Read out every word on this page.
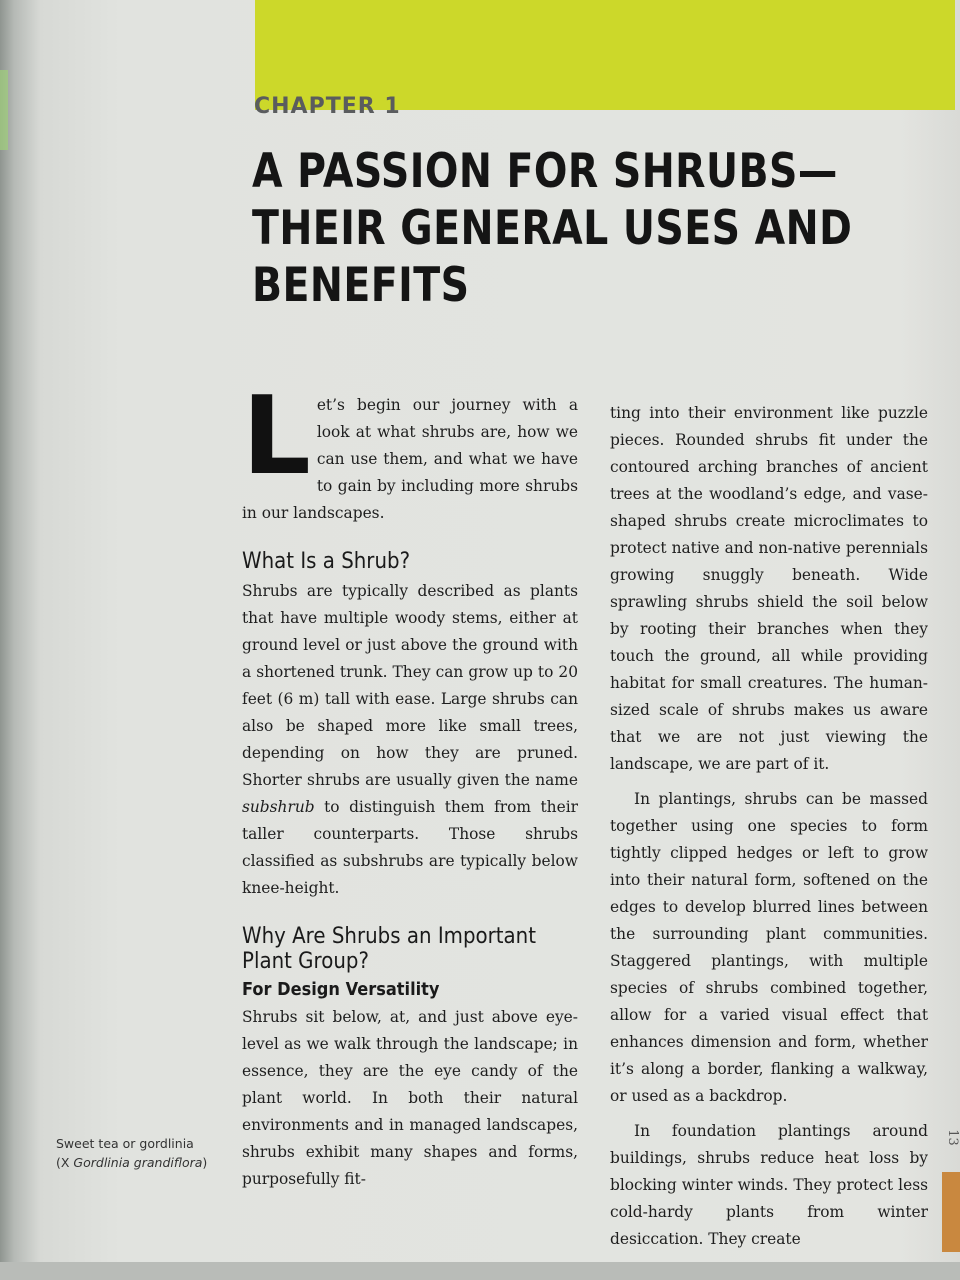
CHAPTER 1
A PASSION FOR SHRUBS—
THEIR GENERAL USES AND
BENEFITS

Let’s begin our journey with a look at what shrubs are, how we can use them, and what we have to gain by including more shrubs in our landscapes.

What Is a Shrub?

Shrubs are typically described as plants that have multiple woody stems, either at ground level or just above the ground with a shortened trunk. They can grow up to 20 feet (6 m) tall with ease. Large shrubs can also be shaped more like small trees, depending on how they are pruned. Shorter shrubs are usually given the name subshrub to distinguish them from their taller counterparts. Those shrubs classified as subshrubs are typically below knee-height.

Why Are Shrubs an Important Plant Group?
For Design Versatility

Shrubs sit below, at, and just above eye-level as we walk through the landscape; in essence, they are the eye candy of the plant world. In both their natural environments and in managed landscapes, shrubs exhibit many shapes and forms, purposefully fit-

ting into their environment like puzzle pieces. Rounded shrubs fit under the contoured arching branches of ancient trees at the woodland’s edge, and vase-shaped shrubs create microclimates to protect native and non-native perennials growing snuggly beneath. Wide sprawling shrubs shield the soil below by rooting their branches when they touch the ground, all while providing habitat for small creatures. The human-sized scale of shrubs makes us aware that we are not just viewing the landscape, we are part of it.

In plantings, shrubs can be massed together using one species to form tightly clipped hedges or left to grow into their natural form, softened on the edges to develop blurred lines between the surrounding plant communities. Staggered plantings, with multiple species of shrubs combined together, allow for a varied visual effect that enhances dimension and form, whether it’s along a border, flanking a walkway, or used as a backdrop.

In foundation plantings around buildings, shrubs reduce heat loss by blocking winter winds. They protect less cold-hardy plants from winter desiccation. They create

Sweet tea or gordlinia
(X Gordlinia grandiflora)
13
